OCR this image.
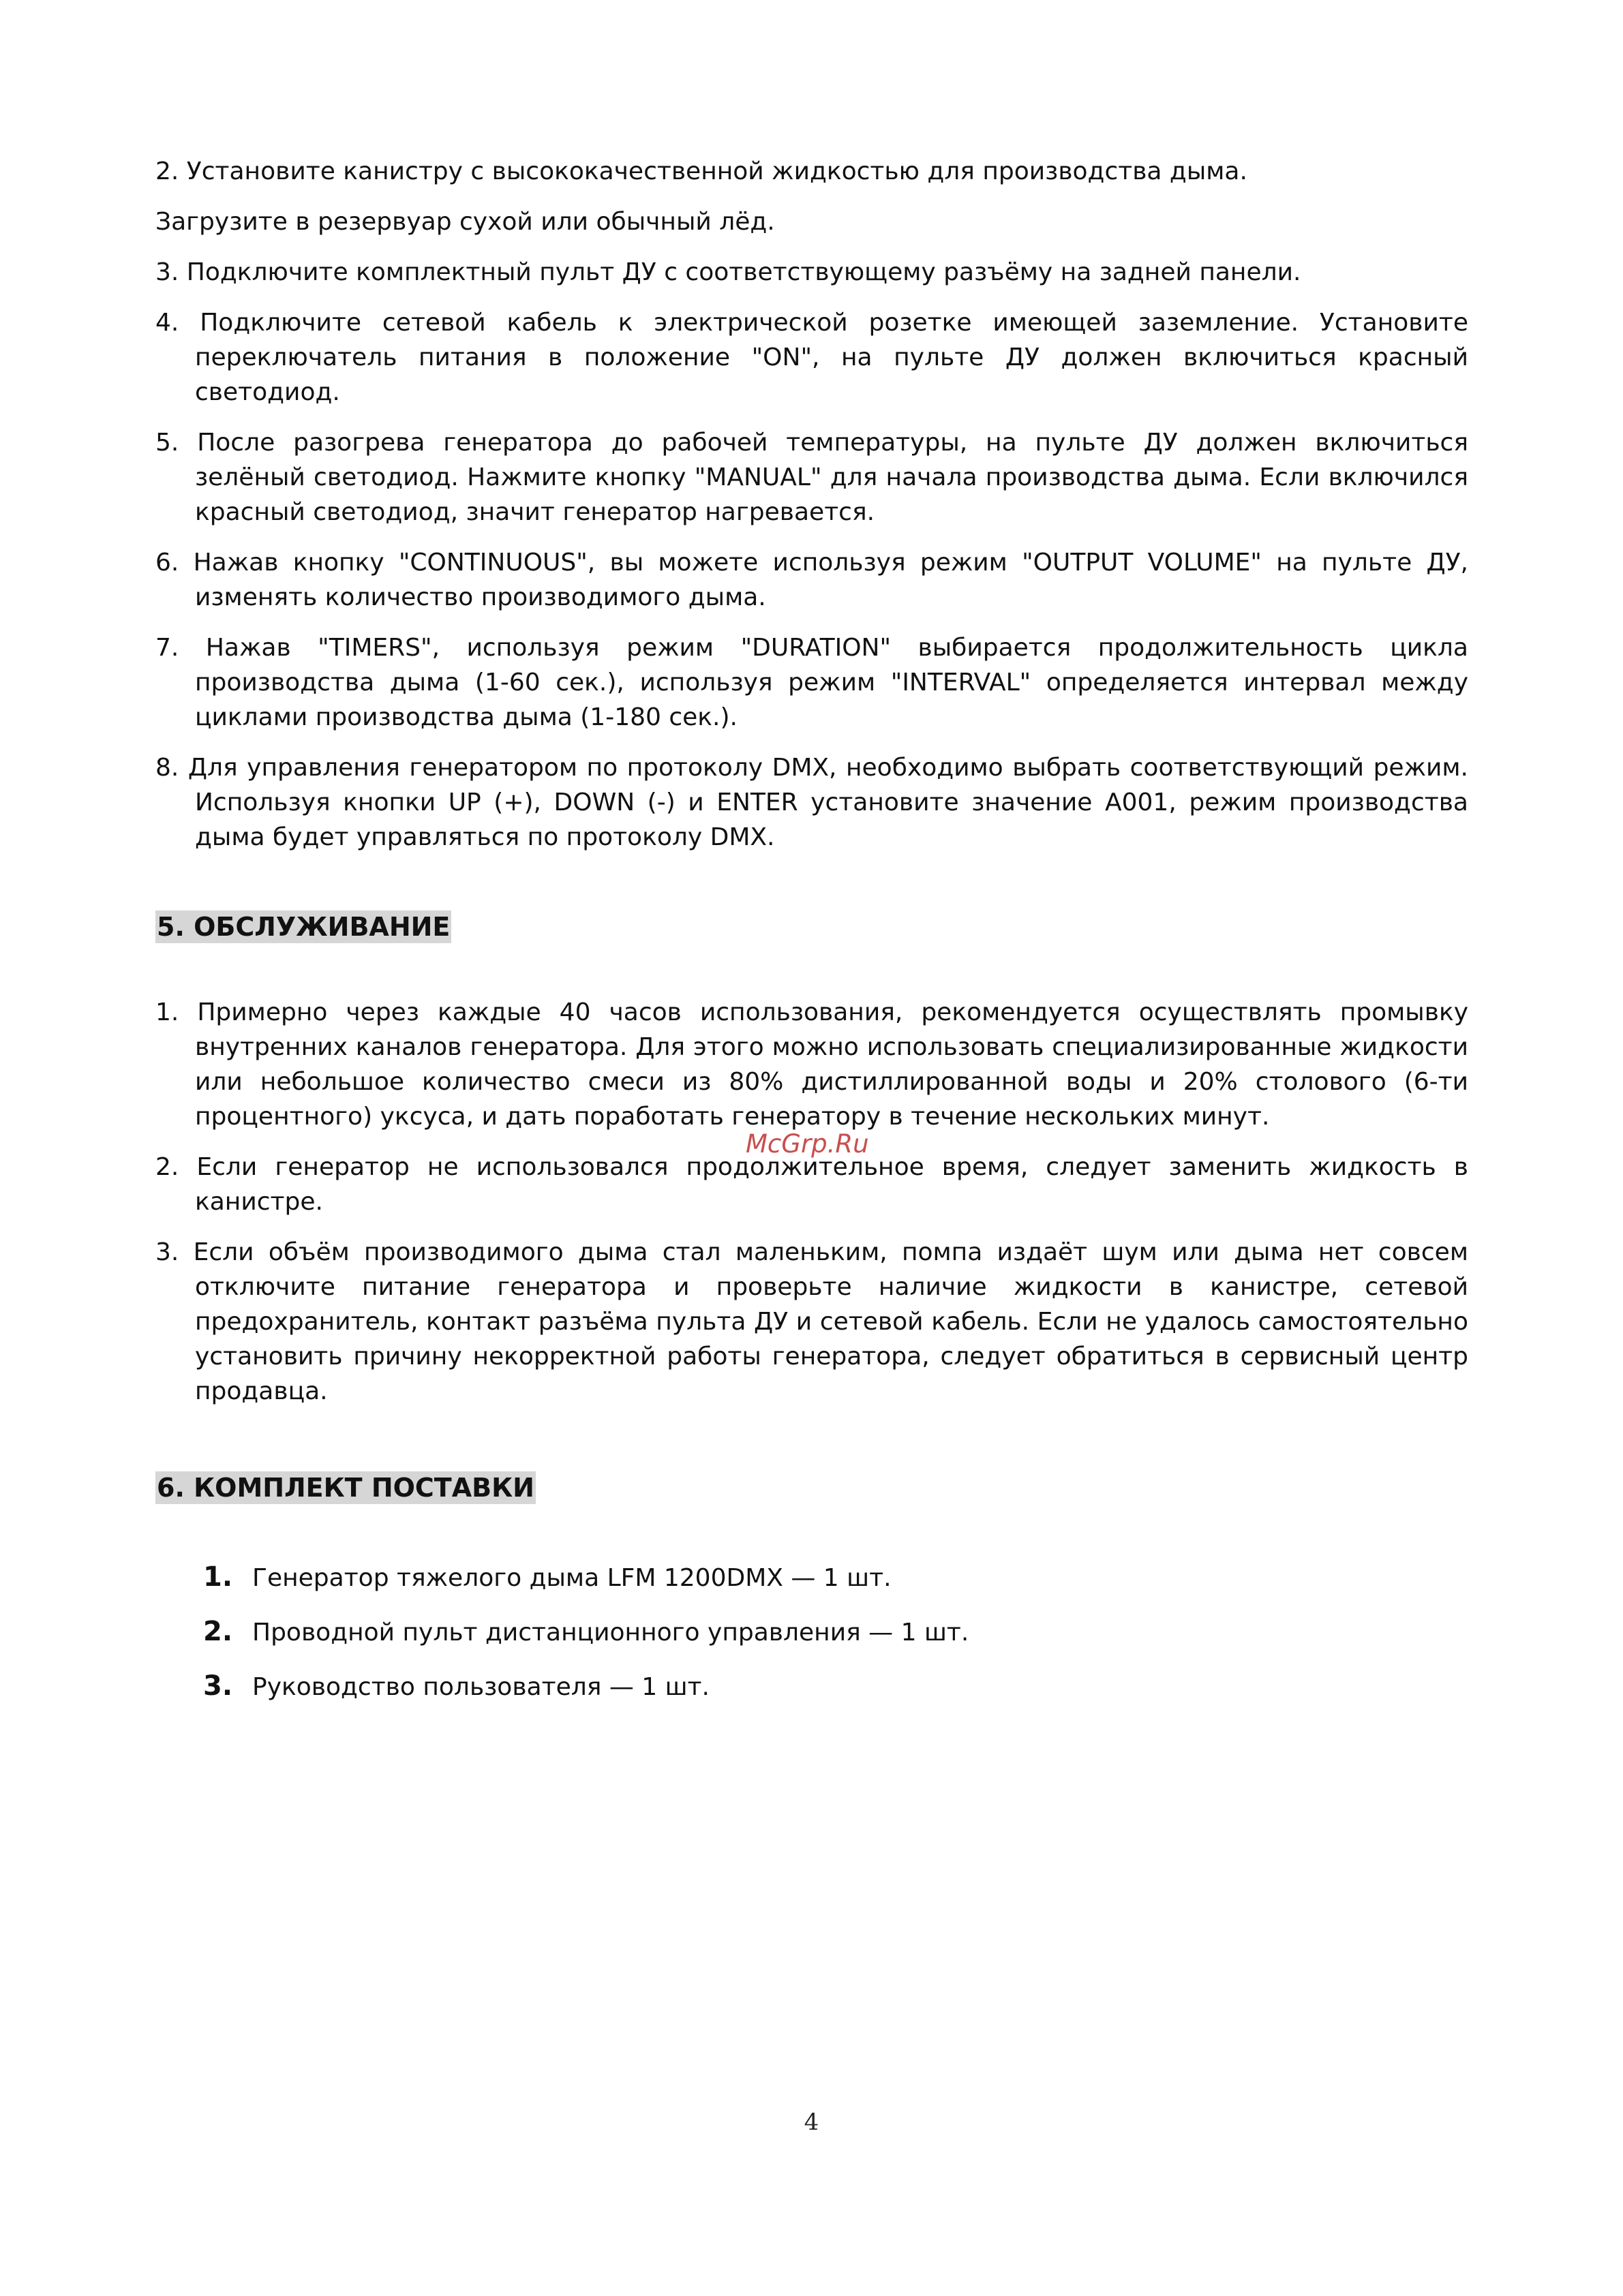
2. Установите канистру с высококачественной жидкостью для производства дыма.

Загрузите в резервуар сухой или обычный лёд.

3. Подключите комплектный пульт ДУ с соответствующему разъёму на задней панели.

4. Подключите сетевой кабель к электрической розетке имеющей заземление. Установите переключатель питания в положение "ON", на пульте ДУ должен включиться красный светодиод.

5. После разогрева генератора до рабочей температуры, на пульте ДУ должен включиться зелёный светодиод. Нажмите кнопку "MANUAL" для начала производства дыма. Если включился красный светодиод, значит генератор нагревается.

6. Нажав кнопку "CONTINUOUS", вы можете используя режим "OUTPUT VOLUME" на пульте ДУ, изменять количество производимого дыма.

7. Нажав "TIMERS", используя режим "DURATION" выбирается продолжительность цикла производства дыма (1-60 сек.), используя режим "INTERVAL" определяется интервал между циклами производства дыма (1-180 сек.).

8. Для управления генератором по протоколу DMX, необходимо выбрать соответствующий режим. Используя кнопки UP (+), DOWN (-) и ENTER установите значение A001, режим производства дыма будет управляться по протоколу DMX.

5. ОБСЛУЖИВАНИЕ

1. Примерно через каждые 40 часов использования, рекомендуется осуществлять промывку внутренних каналов генератора. Для этого можно использовать специализированные жидкости или небольшое количество смеси из 80% дистиллированной воды и 20% столового (6-ти процентного) уксуса, и дать поработать генератору в течение нескольких минут.

2. Если генератор не использовался продолжительное время, следует заменить жидкость в канистре.

3. Если объём производимого дыма стал маленьким, помпа издаёт шум или дыма нет совсем отключите питание генератора и проверьте наличие жидкости в канистре, сетевой предохранитель, контакт разъёма пульта ДУ и сетевой кабель. Если не удалось самостоятельно установить причину некорректной работы генератора, следует обратиться в сервисный центр продавца.

6. КОМПЛЕКТ ПОСТАВКИ
1. Генератор тяжелого дыма LFM 1200DMX — 1 шт.
2. Проводной пульт дистанционного управления — 1 шт.
3. Руководство пользователя — 1 шт.
McGrp.Ru
4
